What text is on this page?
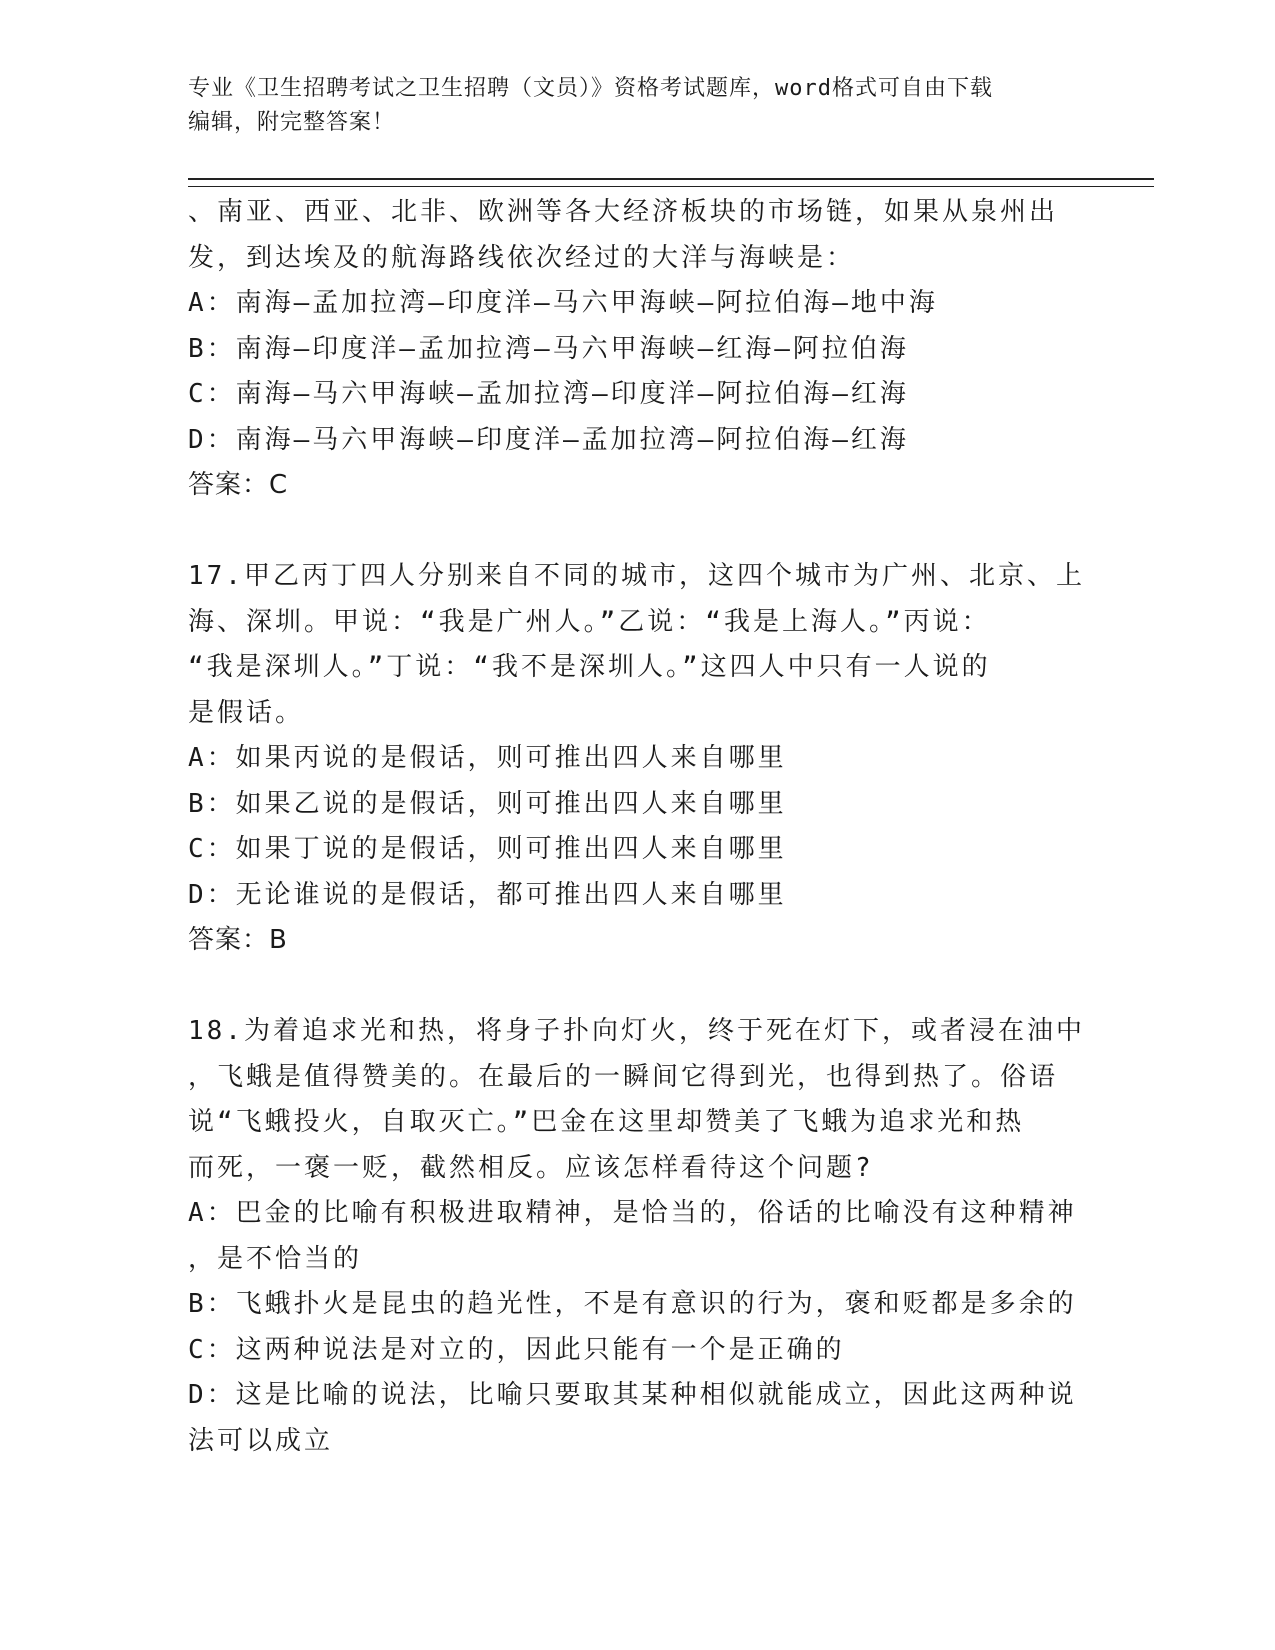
专业《卫生招聘考试之卫生招聘（文员）》资格考试题库，word格式可自由下载
编辑，附完整答案！
、南亚、西亚、北非、欧洲等各大经济板块的市场链，如果从泉州出
发，到达埃及的航海路线依次经过的大洋与海峡是：
A：南海—孟加拉湾—印度洋—马六甲海峡—阿拉伯海—地中海
B：南海—印度洋—孟加拉湾—马六甲海峡—红海—阿拉伯海
C：南海—马六甲海峡—孟加拉湾—印度洋—阿拉伯海—红海
D：南海—马六甲海峡—印度洋—孟加拉湾—阿拉伯海—红海
答案：C
17.甲乙丙丁四人分别来自不同的城市，这四个城市为广州、北京、上
海、深圳。甲说：“我是广州人。”乙说：“我是上海人。”丙说：
“我是深圳人。”丁说：“我不是深圳人。”这四人中只有一人说的
是假话。
A：如果丙说的是假话，则可推出四人来自哪里
B：如果乙说的是假话，则可推出四人来自哪里
C：如果丁说的是假话，则可推出四人来自哪里
D：无论谁说的是假话，都可推出四人来自哪里
答案：B
18.为着追求光和热，将身子扑向灯火，终于死在灯下，或者浸在油中
，飞蛾是值得赞美的。在最后的一瞬间它得到光，也得到热了。俗语
说“飞蛾投火，自取灭亡。”巴金在这里却赞美了飞蛾为追求光和热
而死，一褒一贬，截然相反。应该怎样看待这个问题?
A：巴金的比喻有积极进取精神，是恰当的，俗话的比喻没有这种精神
，是不恰当的
B：飞蛾扑火是昆虫的趋光性，不是有意识的行为，褒和贬都是多余的
C：这两种说法是对立的，因此只能有一个是正确的
D：这是比喻的说法，比喻只要取其某种相似就能成立，因此这两种说
法可以成立
